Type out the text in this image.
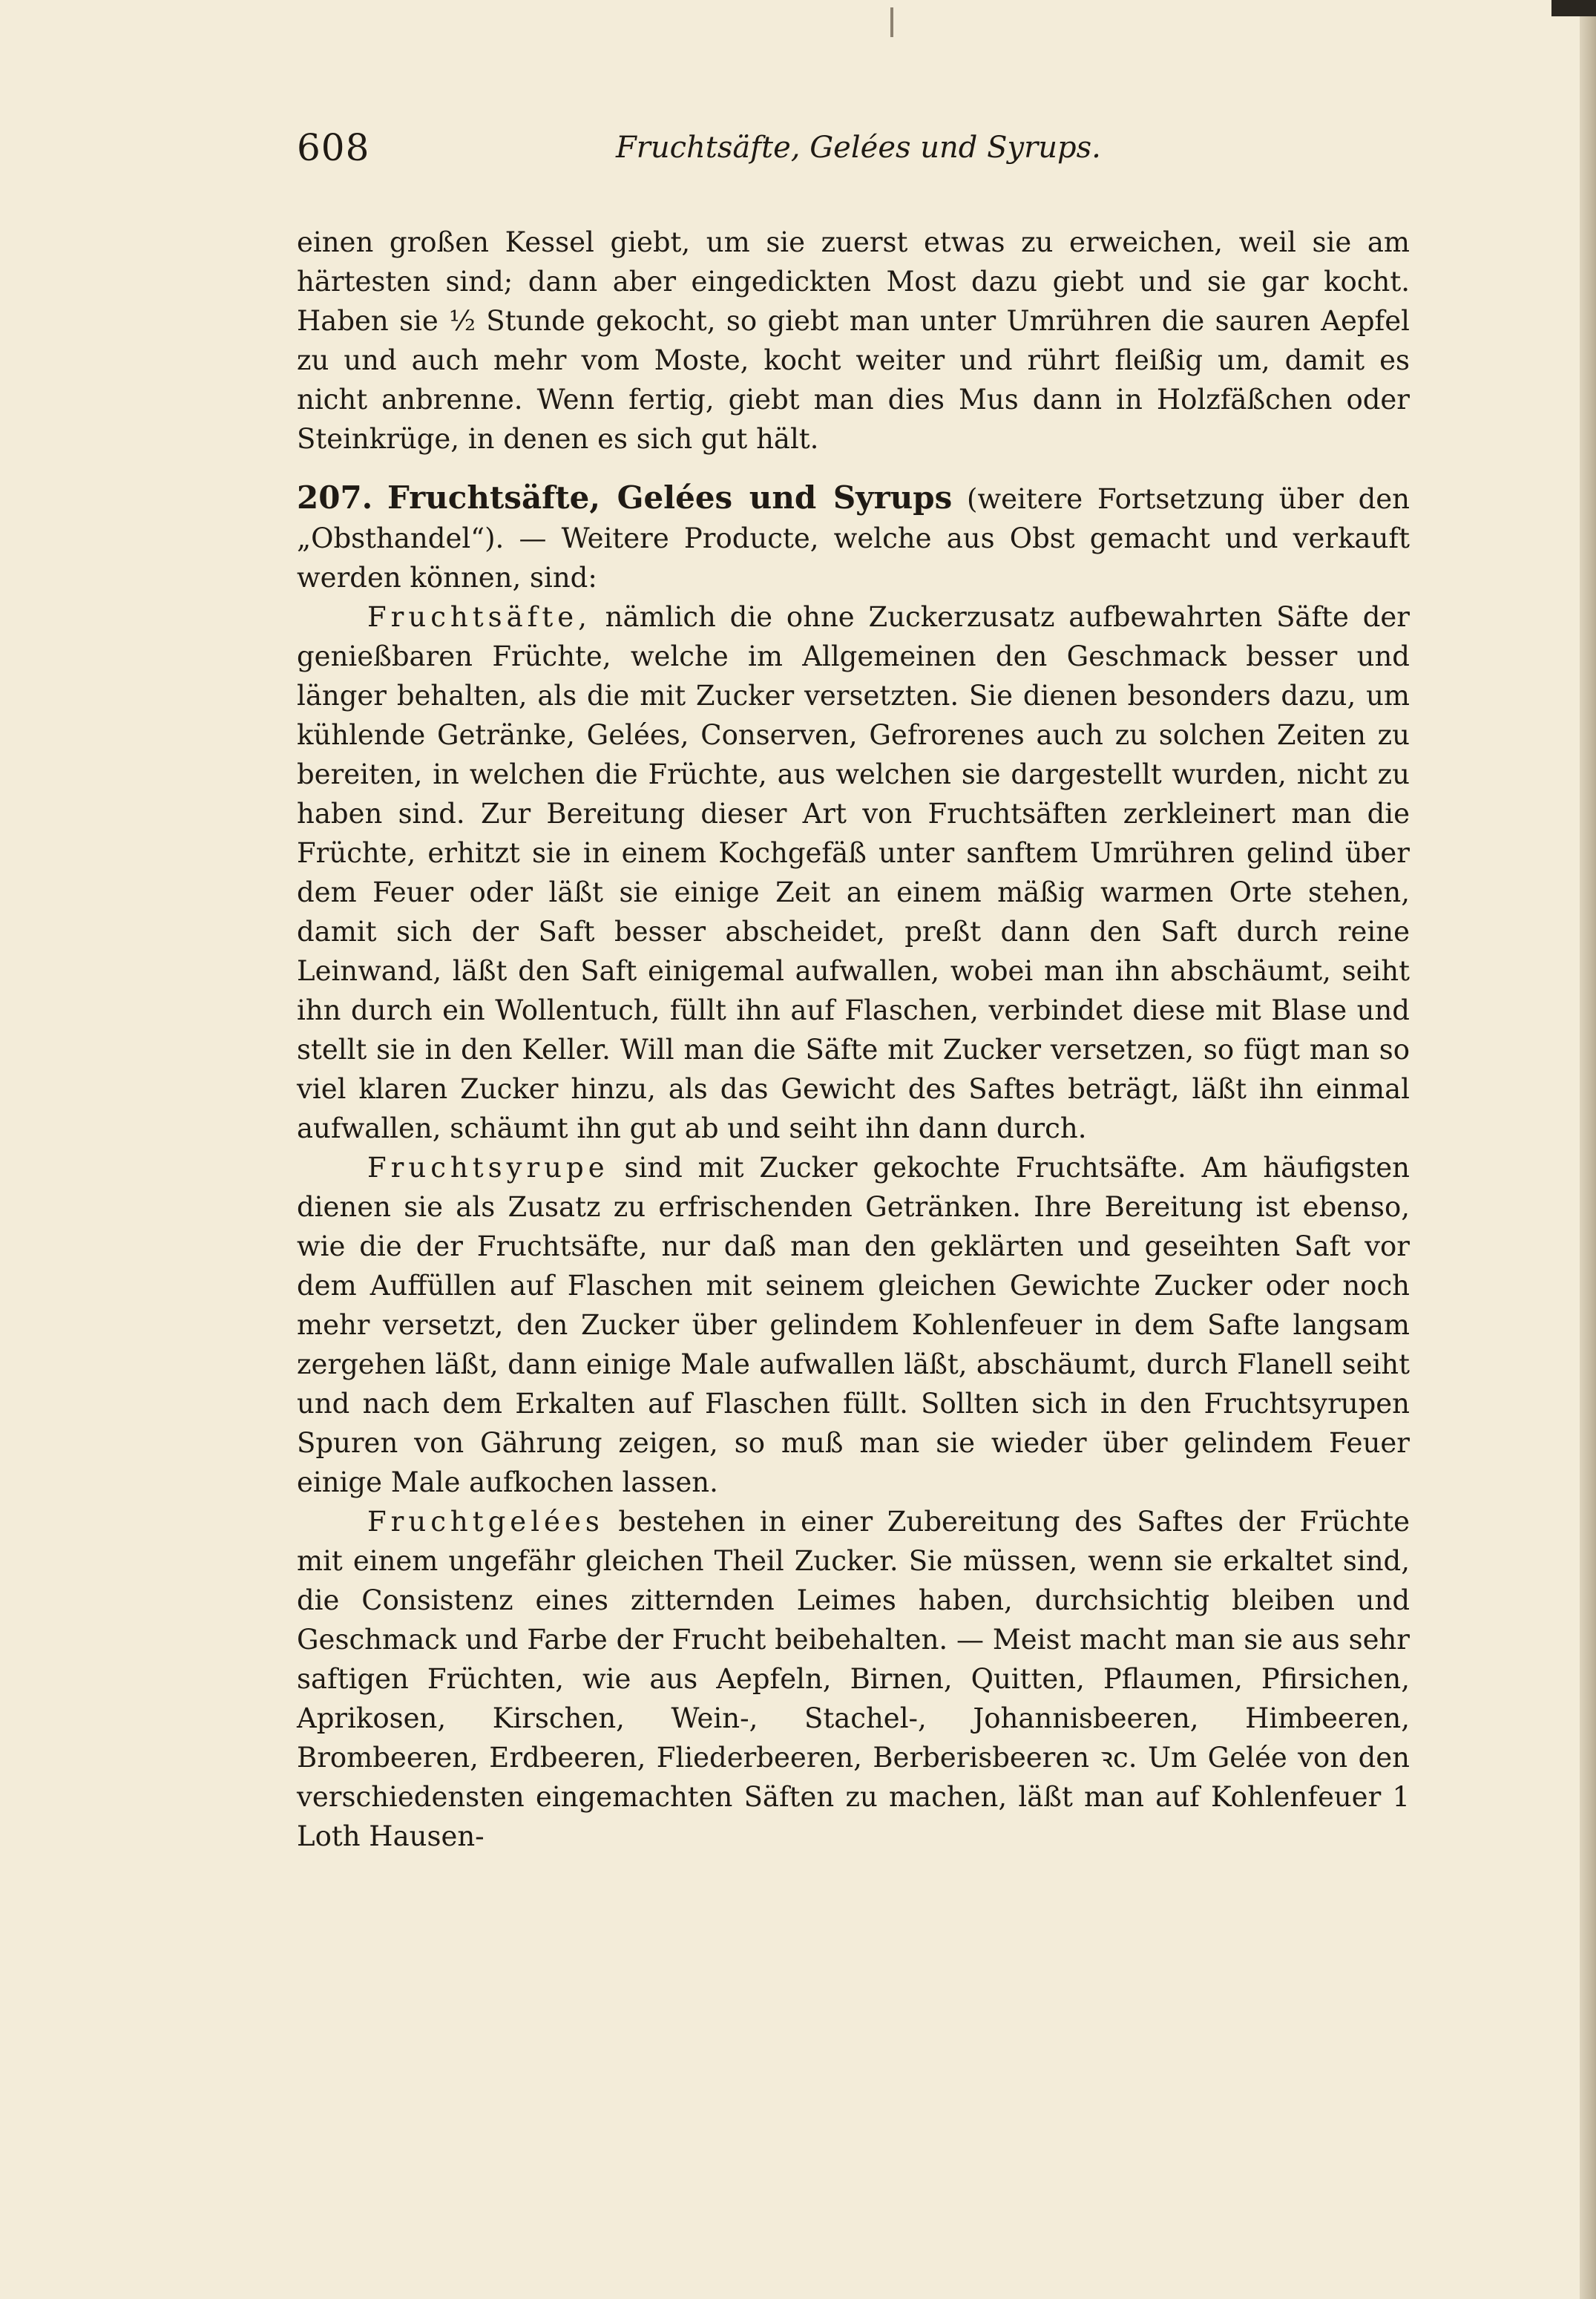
608	Fruchtsäfte, Gelées und Syrups.

einen großen Kessel giebt, um sie zuerst etwas zu erweichen, weil sie am härtesten sind; dann aber eingedickten Most dazu giebt und sie gar kocht. Haben sie ½ Stunde gekocht, so giebt man unter Umrühren die sauren Aepfel zu und auch mehr vom Moste, kocht weiter und rührt fleißig um, damit es nicht anbrenne. Wenn fertig, giebt man dies Mus dann in Holzfäßchen oder Steinkrüge, in denen es sich gut hält.

207. Fruchtsäfte, Gelées und Syrups (weitere Fortsetzung über den „Obsthandel“). — Weitere Producte, welche aus Obst gemacht und verkauft werden können, sind:

Fruchtsäfte, nämlich die ohne Zuckerzusatz aufbewahrten Säfte der genießbaren Früchte, welche im Allgemeinen den Geschmack besser und länger behalten, als die mit Zucker versetzten. Sie dienen besonders dazu, um kühlende Getränke, Gelées, Conserven, Gefrorenes auch zu solchen Zeiten zu bereiten, in welchen die Früchte, aus welchen sie dargestellt wurden, nicht zu haben sind. Zur Bereitung dieser Art von Fruchtsäften zerkleinert man die Früchte, erhitzt sie in einem Kochgefäß unter sanftem Umrühren gelind über dem Feuer oder läßt sie einige Zeit an einem mäßig warmen Orte stehen, damit sich der Saft besser abscheidet, preßt dann den Saft durch reine Leinwand, läßt den Saft einigemal aufwallen, wobei man ihn abschäumt, seiht ihn durch ein Wollentuch, füllt ihn auf Flaschen, verbindet diese mit Blase und stellt sie in den Keller. Will man die Säfte mit Zucker versetzen, so fügt man so viel klaren Zucker hinzu, als das Gewicht des Saftes beträgt, läßt ihn einmal aufwallen, schäumt ihn gut ab und seiht ihn dann durch.

Fruchtsyrupe sind mit Zucker gekochte Fruchtsäfte. Am häufigsten dienen sie als Zusatz zu erfrischenden Getränken. Ihre Bereitung ist ebenso, wie die der Fruchtsäfte, nur daß man den geklärten und geseihten Saft vor dem Auffüllen auf Flaschen mit seinem gleichen Gewichte Zucker oder noch mehr versetzt, den Zucker über gelindem Kohlenfeuer in dem Safte langsam zergehen läßt, dann einige Male aufwallen läßt, abschäumt, durch Flanell seiht und nach dem Erkalten auf Flaschen füllt. Sollten sich in den Fruchtsyrupen Spuren von Gährung zeigen, so muß man sie wieder über gelindem Feuer einige Male aufkochen lassen.

Fruchtgelées bestehen in einer Zubereitung des Saftes der Früchte mit einem ungefähr gleichen Theil Zucker. Sie müssen, wenn sie erkaltet sind, die Consistenz eines zitternden Leimes haben, durchsichtig bleiben und Geschmack und Farbe der Frucht beibehalten. — Meist macht man sie aus sehr saftigen Früchten, wie aus Aepfeln, Birnen, Quitten, Pflaumen, Pfirsichen, Aprikosen, Kirschen, Wein-, Stachel-, Johannisbeeren, Himbeeren, Brombeeren, Erdbeeren, Fliederbeeren, Berberisbeeren ꝛc. Um Gelée von den verschiedensten eingemachten Säften zu machen, läßt man auf Kohlenfeuer 1 Loth Hausen-
